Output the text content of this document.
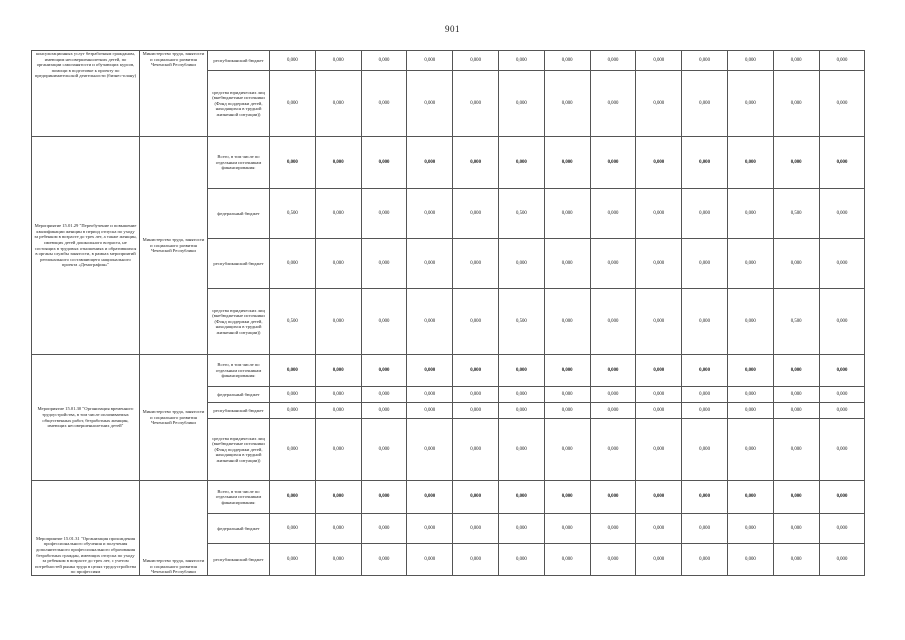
901
консультационных услуг безработным гражданам, имеющим несовершеннолетних детей, по организации самозанятости и обучающих курсов, помощи в подготовке к проекту по предпринимательской деятельности (бизнес-плану)	Министерство труда, занятости и социального развития Чеченской Республики	республиканский бюджет	0,000	0,000	0,000	0,000	0,000	0,000	0,000	0,000	0,000	0,000	0,000	0,000	0,000
		средства юридических лиц (внебюджетные источники (Фонд поддержки детей, находящихся в трудной жизненной ситуации))	0,000	0,000	0,000	0,000	0,000	0,000	0,000	0,000	0,000	0,000	0,000	0,000	0,000
Мероприятие 15.01.29 "Переобучение и повышение квалификации женщин в период отпуска по уходу за ребенком в возрасте до трех лет, а также женщин, имеющих детей дошкольного возраста, не состоящих в трудовых отношениях и обратившихся в органы службы занятости, в рамках мероприятий регионального составляющего национального проекта «Демография»"	Министерство труда, занятости и социального развития Чеченской Республики	Всего, в том числе по отдельным источникам финансирования:	0,000	0,000	0,000	0,000	0,000	0,000	0,000	0,000	0,000	0,000	0,000	0,000	0,000
		федеральный бюджет	0,500	0,000	0,000	0,000	0,000	0,500	0,000	0,000	0,000	0,000	0,000	0,500	0,000
		республиканский бюджет	0,000	0,000	0,000	0,000	0,000	0,000	0,000	0,000	0,000	0,000	0,000	0,000	0,000
		средства юридических лиц (внебюджетные источники (Фонд поддержки детей, находящихся в трудной жизненной ситуации))	0,500	0,000	0,000	0,000	0,000	0,500	0,000	0,000	0,000	0,000	0,000	0,500	0,000
Мероприятие 15.01.30 "Организация временного трудоустройства, в том числе оплачиваемых общественных работ, безработных женщин, имеющих несовершеннолетних детей"	Министерство труда, занятости и социального развития Чеченской Республики	Всего, в том числе по отдельным источникам финансирования:	0,000	0,000	0,000	0,000	0,000	0,000	0,000	0,000	0,000	0,000	0,000	0,000	0,000
		федеральный бюджет	0,000	0,000	0,000	0,000	0,000	0,000	0,000	0,000	0,000	0,000	0,000	0,000	0,000
		республиканский бюджет	0,000	0,000	0,000	0,000	0,000	0,000	0,000	0,000	0,000	0,000	0,000	0,000	0,000
		средства юридических лиц (внебюджетные источники (Фонд поддержки детей, находящихся в трудной жизненной ситуации))	0,000	0,000	0,000	0,000	0,000	0,000	0,000	0,000	0,000	0,000	0,000	0,000	0,000
Мероприятие 15.01.31 "Организация прохождения профессионального обучения и получения дополнительного профессионального образования безработных граждан, имеющих отпуска по уходу за ребенком в возрасте до трех лет, с учетом потребностей рынка труда в целях трудоустройства по профессиям	Министерство труда, занятости и социального развития Чеченской Республики	Всего, в том числе по отдельным источникам финансирования:	0,000	0,000	0,000	0,000	0,000	0,000	0,000	0,000	0,000	0,000	0,000	0,000	0,000
		федеральный бюджет	0,000	0,000	0,000	0,000	0,000	0,000	0,000	0,000	0,000	0,000	0,000	0,000	0,000
		республиканский бюджет	0,000	0,000	0,000	0,000	0,000	0,000	0,000	0,000	0,000	0,000	0,000	0,000	0,000
